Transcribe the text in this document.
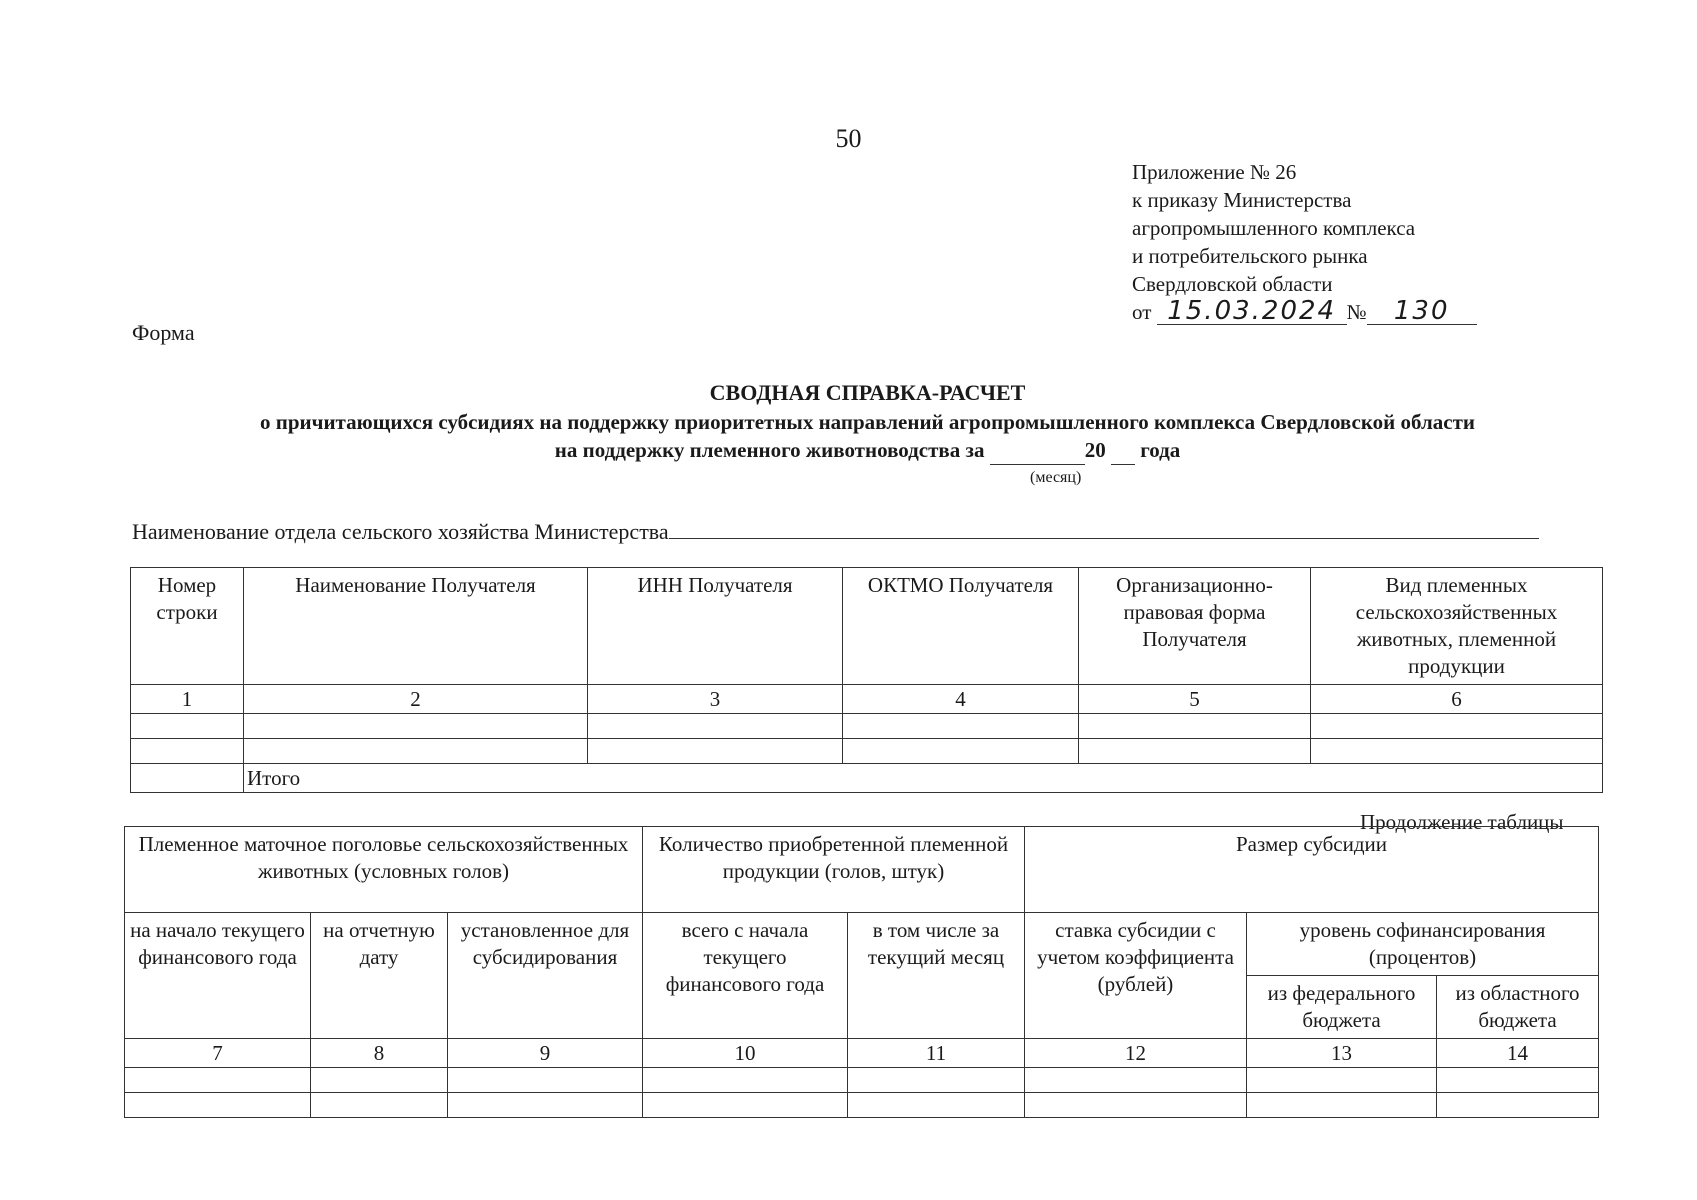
50
Приложение № 26
к приказу Министерства
агропромышленного комплекса
и потребительского рынка
Свердловской области
от 15.03.2024 № 130
Форма
СВОДНАЯ СПРАВКА-РАСЧЕТ
о причитающихся субсидиях на поддержку приоритетных направлений агропромышленного комплекса Свердловской области
на поддержку племенного животноводства за	20 года
(месяц)
Наименование отдела сельского хозяйства Министерства
Номер строки	Наименование Получателя	ИНН Получателя	ОКТМО Получателя	Организационно-правовая форма Получателя	Вид племенных сельскохозяйственных животных, племенной продукции
1	2	3	4	5	6

	Итого				
Продолжение таблицы
Племенное маточное поголовье сельскохозяйственных животных (условных голов)			Количество приобретенной племенной продукции (голов, штук)		Размер субсидии		
на начало текущего финансового года	на отчетную дату	установленное для субсидирования	всего с начала текущего финансового года	в том числе за текущий месяц	ставка субсидии с учетом коэффициента (рублей)	уровень софинансирования (процентов)	
						из федерального бюджета	из областного бюджета
7	8	9	10	11	12	13	14
